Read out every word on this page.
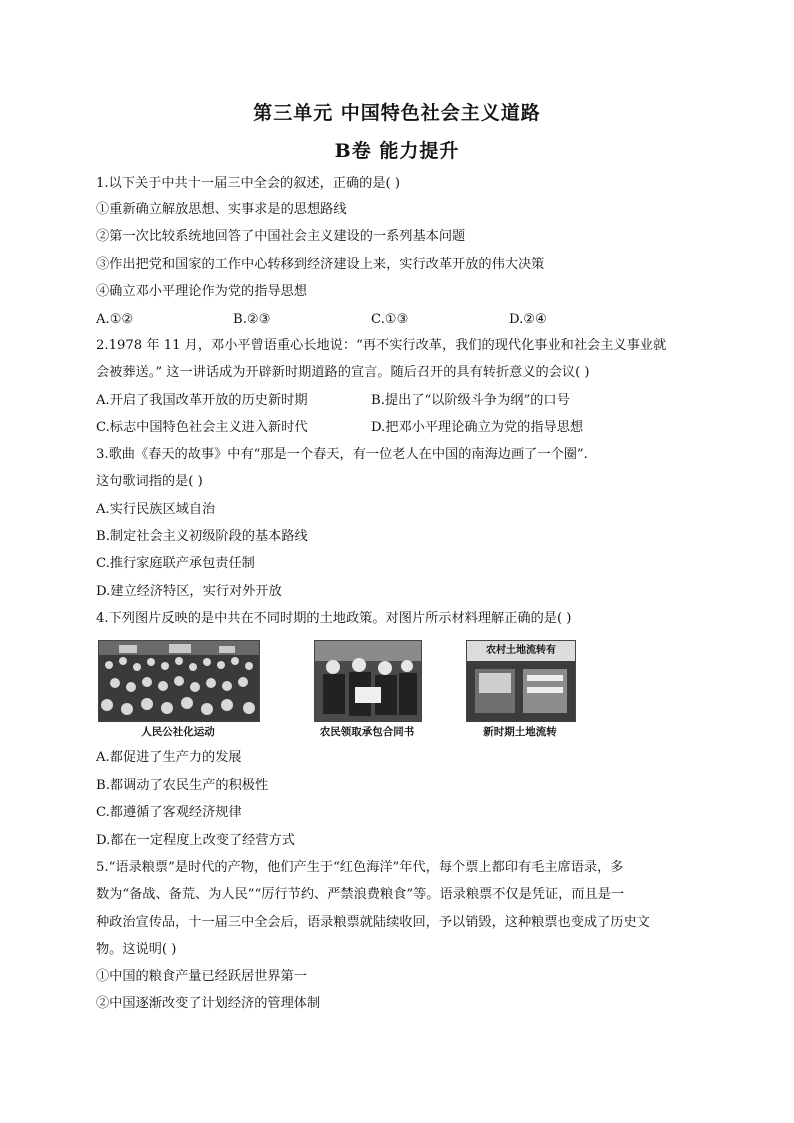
第三单元 中国特色社会主义道路
B卷 能力提升
1.以下关于中共十一届三中全会的叙述，正确的是( )
①重新确立解放思想、实事求是的思想路线
②第一次比较系统地回答了中国社会主义建设的一系列基本问题
③作出把党和国家的工作中心转移到经济建设上来，实行改革开放的伟大决策
④确立邓小平理论作为党的指导思想
A.①②	B.②③	C.①③	D.②④
2.1978 年 11 月，邓小平曾语重心长地说：“再不实行改革，我们的现代化事业和社会主义事业就
会被葬送。” 这一讲话成为开辟新时期道路的宣言。随后召开的具有转折意义的会议( )
A.开启了我国改革开放的历史新时期	B.提出了“以阶级斗争为纲”的口号
C.标志中国特色社会主义进入新时代	D.把邓小平理论确立为党的指导思想
3.歌曲《春天的故事》中有“那是一个春天，有一位老人在中国的南海边画了一个圈”.
这句歌词指的是( )
A.实行民族区域自治
B.制定社会主义初级阶段的基本路线
C.推行家庭联产承包责任制
D.建立经济特区，实行对外开放
4.下列图片反映的是中共在不同时期的土地政策。对图片所示材料理解正确的是( )
人民公社化运动	农民领取承包合同书
农村土地流转有
新时期土地流转
A.都促进了生产力的发展
B.都调动了农民生产的积极性
C.都遵循了客观经济规律
D.都在一定程度上改变了经营方式
5.“语录粮票”是时代的产物，他们产生于“红色海洋”年代，每个票上都印有毛主席语录，多
数为“备战、备荒、为人民”“厉行节约、严禁浪费粮食”等。语录粮票不仅是凭证，而且是一
种政治宣传品，十一届三中全会后，语录粮票就陆续收回，予以销毁，这种粮票也变成了历史文
物。这说明( )
①中国的粮食产量已经跃居世界第一
②中国逐渐改变了计划经济的管理体制
